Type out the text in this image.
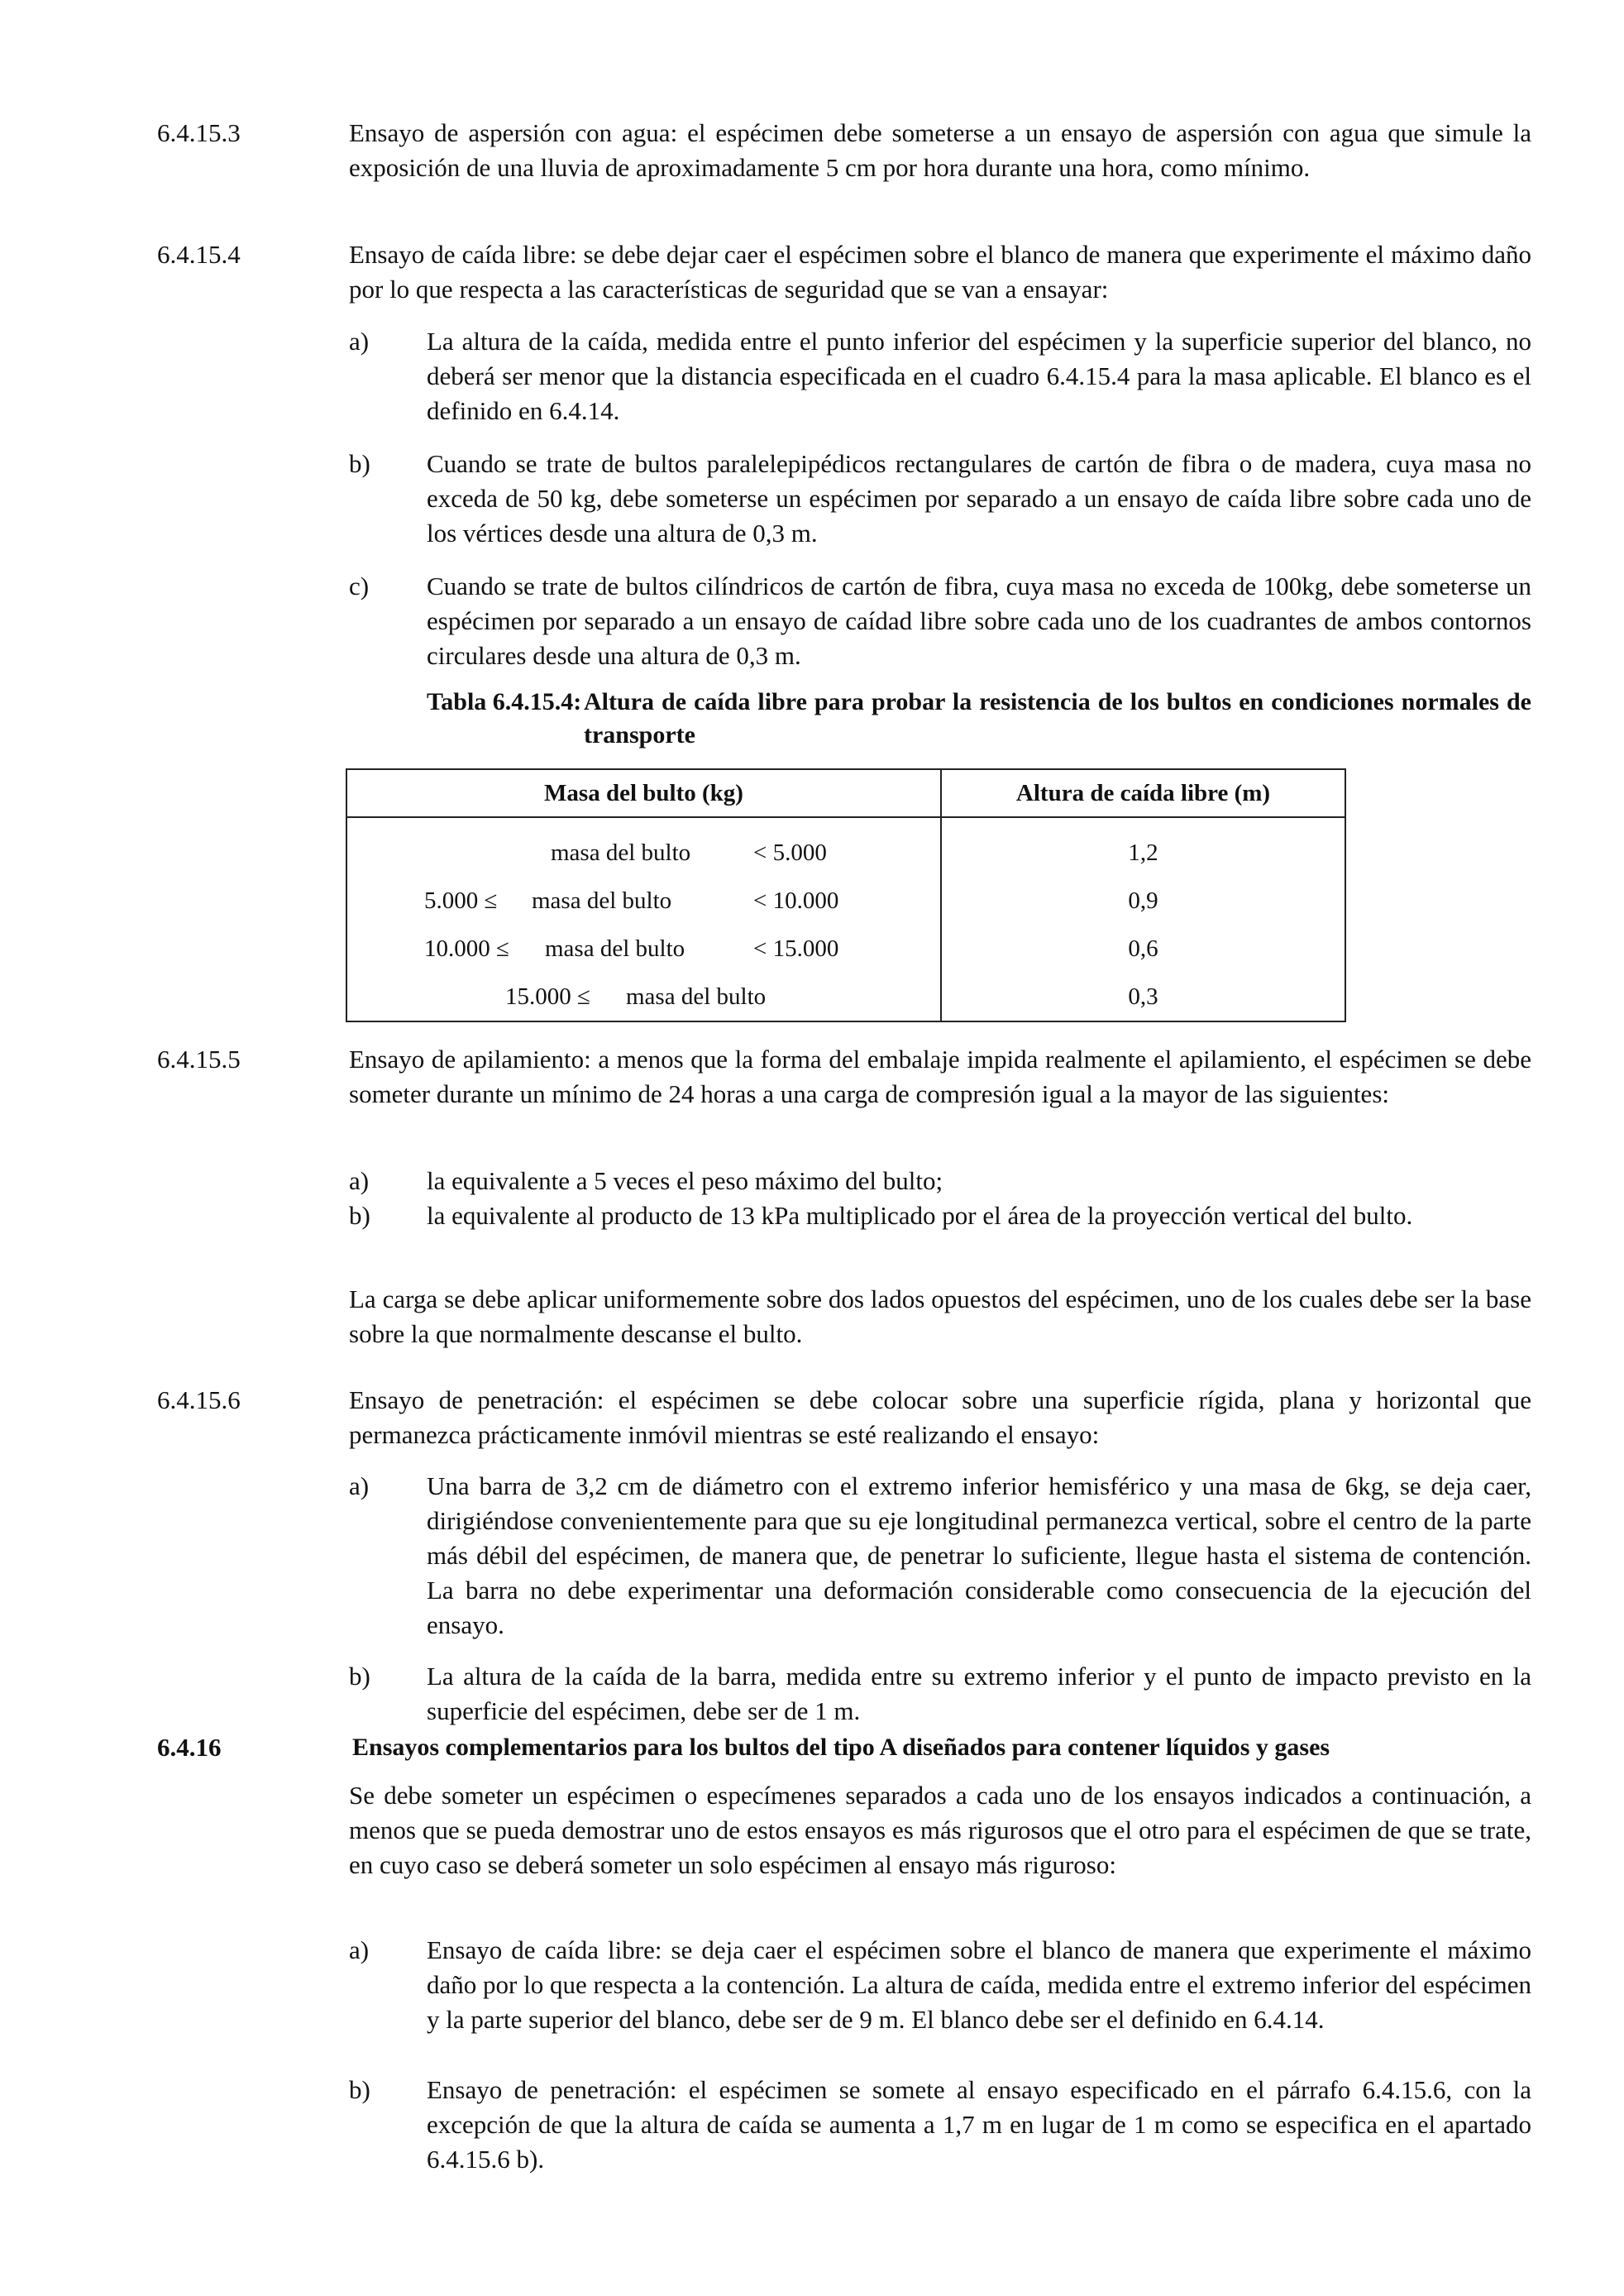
6.4.15.3	Ensayo de aspersión con agua: el espécimen debe someterse a un ensayo de aspersión con agua que simule la exposición de una lluvia de aproximadamente 5 cm por hora durante una hora, como mínimo.
6.4.15.4	Ensayo de caída libre: se debe dejar caer el espécimen sobre el blanco de manera que experimente el máximo daño por lo que respecta a las características de seguridad que se van a ensayar:
a) La altura de la caída, medida entre el punto inferior del espécimen y la superficie superior del blanco, no deberá ser menor que la distancia especificada en el cuadro 6.4.15.4 para la masa aplicable. El blanco es el definido en 6.4.14.
b) Cuando se trate de bultos paralelepipédicos rectangulares de cartón de fibra o de madera, cuya masa no exceda de 50 kg, debe someterse un espécimen por separado a un ensayo de caída libre sobre cada uno de los vértices desde una altura de 0,3 m.
c) Cuando se trate de bultos cilíndricos de cartón de fibra, cuya masa no exceda de 100kg, debe someterse un espécimen por separado a un ensayo de caídad libre sobre cada uno de los cuadrantes de ambos contornos circulares desde una altura de 0,3 m.
Tabla 6.4.15.4: Altura de caída libre para probar la resistencia de los bultos en condiciones normales de transporte
Masa del bulto (kg)	Altura de caída libre (m)

masa del bulto < 5.000	1,2

5.000 ≤ masa del bulto < 10.000	0,9

10.000 ≤ masa del bulto < 15.000	0,6

15.000 ≤ masa del bulto	0,3
6.4.15.5	Ensayo de apilamiento: a menos que la forma del embalaje impida realmente el apilamiento, el espécimen se debe someter durante un mínimo de 24 horas a una carga de compresión igual a la mayor de las siguientes:
a) la equivalente a 5 veces el peso máximo del bulto;
b) la equivalente al producto de 13 kPa multiplicado por el área de la proyección vertical del bulto.
La carga se debe aplicar uniformemente sobre dos lados opuestos del espécimen, uno de los cuales debe ser la base sobre la que normalmente descanse el bulto.
6.4.15.6	Ensayo de penetración: el espécimen se debe colocar sobre una superficie rígida, plana y horizontal que permanezca prácticamente inmóvil mientras se esté realizando el ensayo:
a) Una barra de 3,2 cm de diámetro con el extremo inferior hemisférico y una masa de 6kg, se deja caer, dirigiéndose convenientemente para que su eje longitudinal permanezca vertical, sobre el centro de la parte más débil del espécimen, de manera que, de penetrar lo suficiente, llegue hasta el sistema de contención. La barra no debe experimentar una deformación considerable como consecuencia de la ejecución del ensayo.
b) La altura de la caída de la barra, medida entre su extremo inferior y el punto de impacto previsto en la superficie del espécimen, debe ser de 1 m.
6.4.16	Ensayos complementarios para los bultos del tipo A diseñados para contener líquidos y gases
Se debe someter un espécimen o especímenes separados a cada uno de los ensayos indicados a continuación, a menos que se pueda demostrar uno de estos ensayos es más rigurosos que el otro para el espécimen de que se trate, en cuyo caso se deberá someter un solo espécimen al ensayo más riguroso:
a) Ensayo de caída libre: se deja caer el espécimen sobre el blanco de manera que experimente el máximo daño por lo que respecta a la contención. La altura de caída, medida entre el extremo inferior del espécimen y la parte superior del blanco, debe ser de 9 m. El blanco debe ser el definido en 6.4.14.
b) Ensayo de penetración: el espécimen se somete al ensayo especificado en el párrafo 6.4.15.6, con la excepción de que la altura de caída se aumenta a 1,7 m en lugar de 1 m como se especifica en el apartado 6.4.15.6 b).
